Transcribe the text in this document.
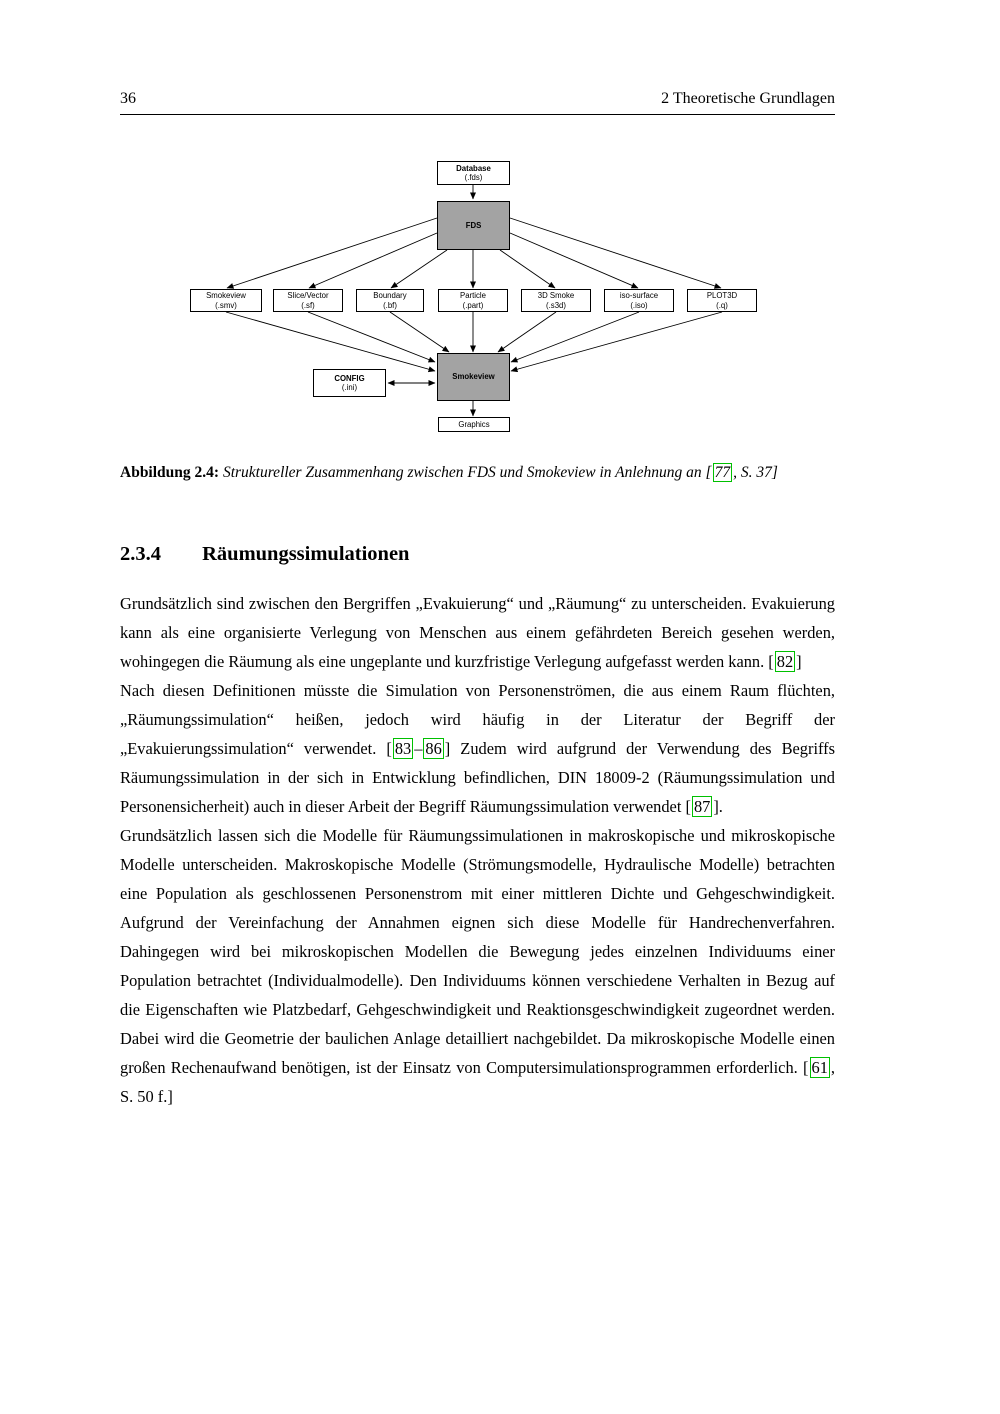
36	2 Theoretische Grundlagen
Database
(.fds)
FDS
Smokeview
(.smv)
Slice/Vector
(.sf)
Boundary
(.bf)
Particle
(.part)
3D Smoke
(.s3d)
iso-surface
(.iso)
PLOT3D
(.q)
Smokeview
CONFIG
(.ini)
Graphics
Abbildung 2.4: Struktureller Zusammenhang zwischen FDS und Smokeview in Anlehnung an [ 77 , S. 37]
2.3.4 Räumungssimulationen

Grundsätzlich sind zwischen den Bergriffen „Evakuierung“ und „Räumung“ zu unterscheiden. Evakuierung kann als eine organisierte Verlegung von Menschen aus einem gefährdeten Bereich gesehen werden, wohingegen die Räumung als eine ungeplante und kurzfristige Verlegung aufgefasst werden kann. [ 82 ]

Nach diesen Definitionen müsste die Simulation von Personenströmen, die aus einem Raum flüchten, „Räumungssimulation“ heißen, jedoch wird häufig in der Literatur der Begriff der „Evakuierungssimulation“ verwendet. [ 83 – 86 ] Zudem wird aufgrund der Verwendung des Begriffs Räumungssimulation in der sich in Entwicklung befindlichen, DIN 18009-2 (Räumungssimulation und Personensicherheit) auch in dieser Arbeit der Begriff Räumungssimulation verwendet [ 87 ].

Grundsätzlich lassen sich die Modelle für Räumungssimulationen in makroskopische und mikroskopische Modelle unterscheiden. Makroskopische Modelle (Strömungsmodelle, Hydraulische Modelle) betrachten eine Population als geschlossenen Personenstrom mit einer mittleren Dichte und Gehgeschwindigkeit. Aufgrund der Vereinfachung der Annahmen eignen sich diese Modelle für Handrechenverfahren. Dahingegen wird bei mikroskopischen Modellen die Bewegung jedes einzelnen Individuums einer Population betrachtet (Individualmodelle). Den Individuums können verschiedene Verhalten in Bezug auf die Eigenschaften wie Platzbedarf, Gehgeschwindigkeit und Reaktionsgeschwindigkeit zugeordnet werden. Dabei wird die Geometrie der baulichen Anlage detailliert nachgebildet. Da mikroskopische Modelle einen großen Rechenaufwand benötigen, ist der Einsatz von Computersimulationsprogrammen erforderlich. [ 61 , S. 50 f.]
